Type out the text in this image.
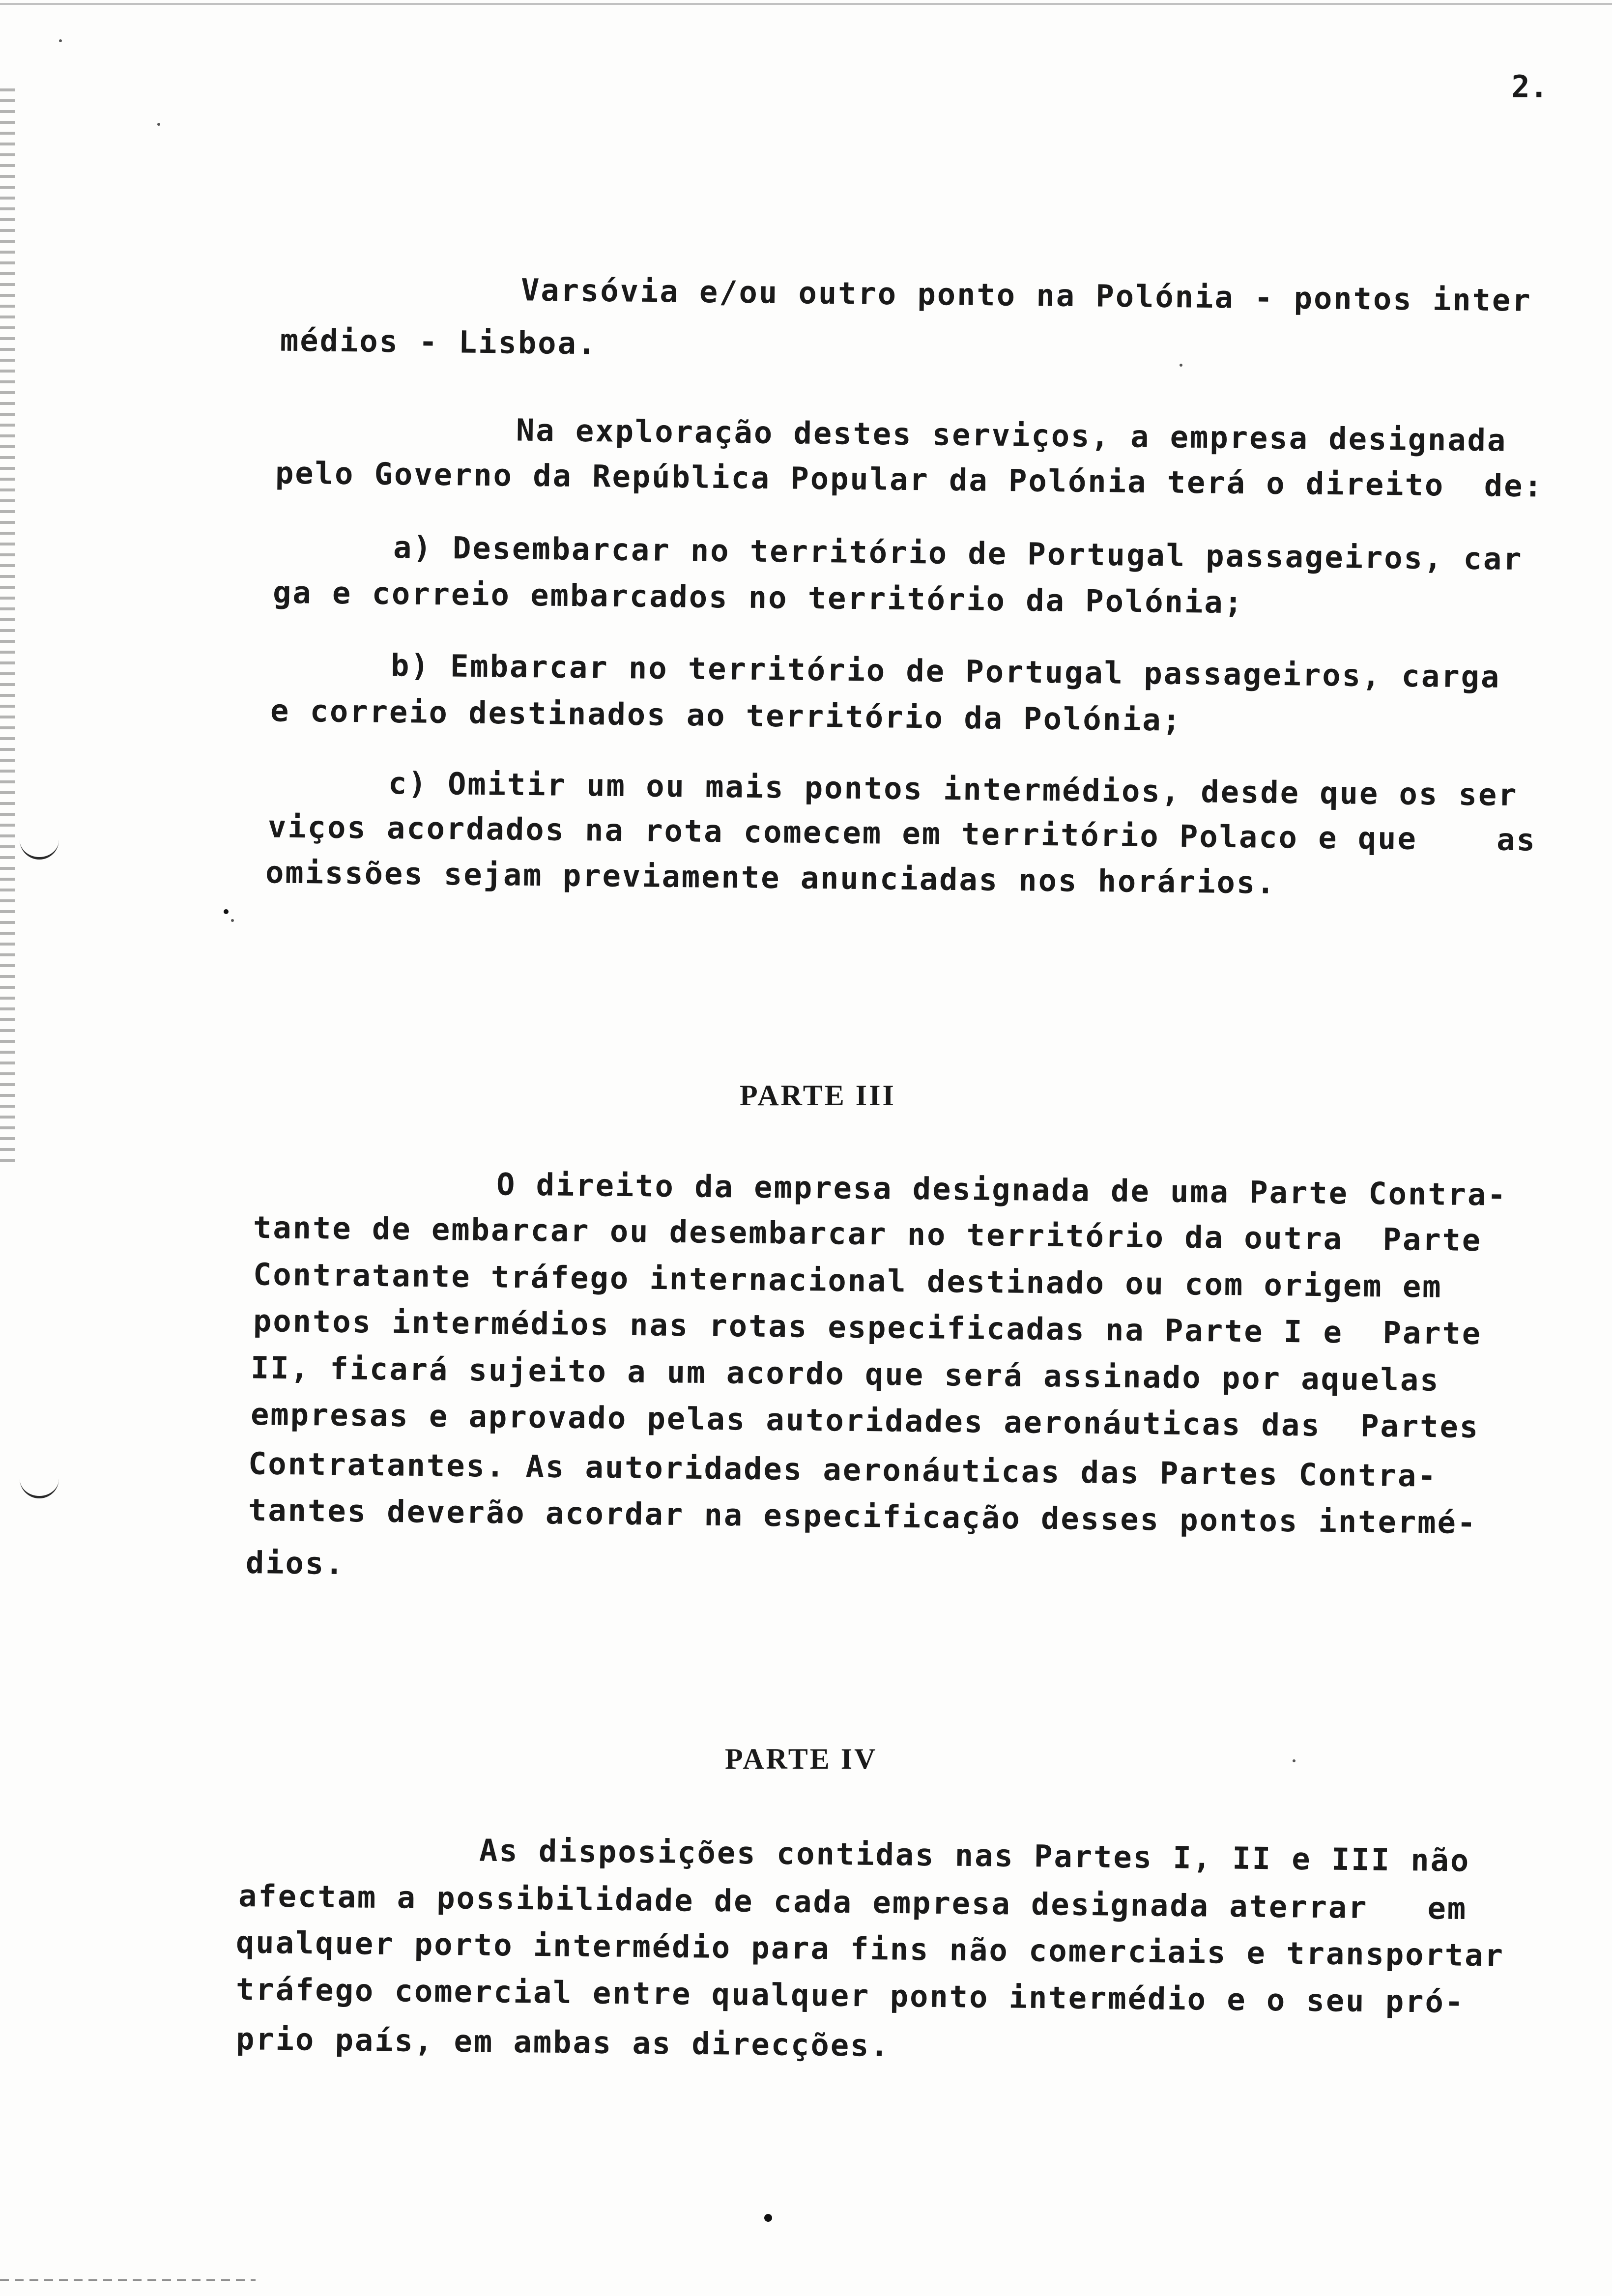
2.
Varsóvia e/ou outro ponto na Polónia - pontos inter
médios - Lisboa.
Na exploração destes serviços, a empresa designada
pelo Governo da República Popular da Polónia terá o direito  de:
a) Desembarcar no território de Portugal passageiros, car
ga e correio embarcados no território da Polónia;
b) Embarcar no território de Portugal passageiros, carga
e correio destinados ao território da Polónia;
c) Omitir um ou mais pontos intermédios, desde que os ser
viços acordados na rota comecem em território Polaco e que    as
omissões sejam previamente anunciadas nos horários.
PARTE III
O direito da empresa designada de uma Parte Contra-
tante de embarcar ou desembarcar no território da outra  Parte
Contratante tráfego internacional destinado ou com origem em
pontos intermédios nas rotas especificadas na Parte I e  Parte
II, ficará sujeito a um acordo que será assinado por aquelas
empresas e aprovado pelas autoridades aeronáuticas das  Partes
Contratantes. As autoridades aeronáuticas das Partes Contra-
tantes deverão acordar na especificação desses pontos intermé-
dios.
PARTE IV
As disposições contidas nas Partes I, II e III não
afectam a possibilidade de cada empresa designada aterrar   em
qualquer porto intermédio para fins não comerciais e transportar
tráfego comercial entre qualquer ponto intermédio e o seu pró-
prio país, em ambas as direcções.
